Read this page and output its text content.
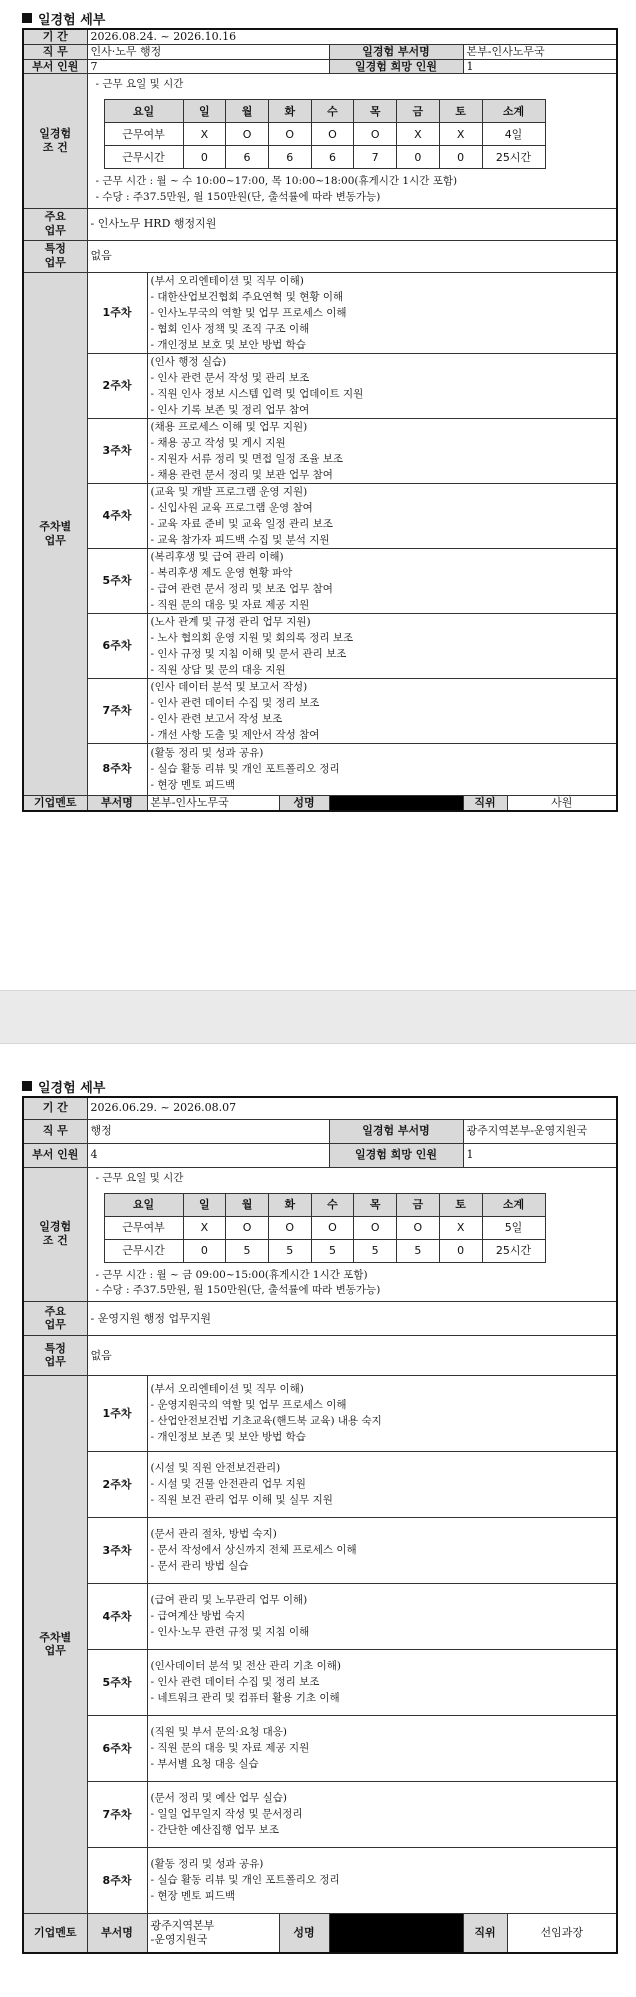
일경험 세부
기 간	2026.08.24. ~ 2026.10.16
직 무	인사·노무 행정	일경험 부서명	본부-인사노무국
부서 인원	7	일경험 희망 인원	1
일경험
조 건	
- 근무 요일 및 시간
요일	일	월	화	수	목	금	토	소계
근무여부	X	O	O	O	O	X	X	4일
근무시간	0	6	6	6	7	0	0	25시간
- 근무 시간 : 월 ~ 수 10:00~17:00, 목 10:00~18:00(휴게시간 1시간 포함)
- 수당 : 주37.5만원, 월 150만원(단, 출석률에 따라 변동가능)

주요
업무	- 인사노무 HRD 행정지원
특정
업무	없음
주차별
업무	1주차	
(부서 오리엔테이션 및 직무 이해)
- 대한산업보건협회 주요연혁 및 현황 이해
- 인사노무국의 역할 및 업무 프로세스 이해
- 협회 인사 정책 및 조직 구조 이해
- 개인정보 보호 및 보안 방법 학습

2주차	
(인사 행정 실습)
- 인사 관련 문서 작성 및 관리 보조
- 직원 인사 정보 시스템 입력 및 업데이트 지원
- 인사 기록 보존 및 정리 업무 참여

3주차	
(채용 프로세스 이해 및 업무 지원)
- 채용 공고 작성 및 게시 지원
- 지원자 서류 정리 및 면접 일정 조율 보조
- 채용 관련 문서 정리 및 보관 업무 참여

4주차	
(교육 및 개발 프로그램 운영 지원)
- 신입사원 교육 프로그램 운영 참여
- 교육 자료 준비 및 교육 일정 관리 보조
- 교육 참가자 피드백 수집 및 분석 지원

5주차	
(복리후생 및 급여 관리 이해)
- 복리후생 제도 운영 현황 파악
- 급여 관련 문서 정리 및 보조 업무 참여
- 직원 문의 대응 및 자료 제공 지원

6주차	
(노사 관계 및 규정 관리 업무 지원)
- 노사 협의회 운영 지원 및 회의록 정리 보조
- 인사 규정 및 지침 이해 및 문서 관리 보조
- 직원 상담 및 문의 대응 지원

7주차	
(인사 데이터 분석 및 보고서 작성)
- 인사 관련 데이터 수집 및 정리 보조
- 인사 관련 보고서 작성 보조
- 개선 사항 도출 및 제안서 작성 참여

8주차	
(활동 정리 및 성과 공유)
- 실습 활동 리뷰 및 개인 포트폴리오 정리
- 현장 멘토 피드백

기업멘토	부서명	본부-인사노무국	성명		직위	사원
일경험 세부
기 간	2026.06.29. ~ 2026.08.07
직 무	행정	일경험 부서명	광주지역본부-운영지원국
부서 인원	4	일경험 희망 인원	1
일경험
조 건	
- 근무 요일 및 시간
요일	일	월	화	수	목	금	토	소계
근무여부	X	O	O	O	O	O	X	5일
근무시간	0	5	5	5	5	5	0	25시간
- 근무 시간 : 월 ~ 금 09:00~15:00(휴게시간 1시간 포함)
- 수당 : 주37.5만원, 월 150만원(단, 출석률에 따라 변동가능)

주요
업무	- 운영지원 행정 업무지원
특정
업무	없음
주차별
업무	1주차	
(부서 오리엔테이션 및 직무 이해)
- 운영지원국의 역할 및 업무 프로세스 이해
- 산업안전보건법 기초교육(핸드북 교육) 내용 숙지
- 개인정보 보존 및 보안 방법 학습

2주차	
(시설 및 직원 안전보건관리)
- 시설 및 건물 안전관리 업무 지원
- 직원 보건 관리 업무 이해 및 실무 지원

3주차	
(문서 관리 절차, 방법 숙지)
- 문서 작성에서 상신까지 전체 프로세스 이해
- 문서 관리 방법 실습

4주차	
(급여 관리 및 노무관리 업무 이해)
- 급여계산 방법 숙지
- 인사·노무 관련 규정 및 지침 이해

5주차	
(인사데이터 분석 및 전산 관리 기초 이해)
- 인사 관련 데이터 수집 및 정리 보조
- 네트워크 관리 및 컴퓨터 활용 기초 이해

6주차	
(직원 및 부서 문의·요청 대응)
- 직원 문의 대응 및 자료 제공 지원
- 부서별 요청 대응 실습

7주차	
(문서 정리 및 예산 업무 실습)
- 일일 업무일지 작성 및 문서정리
- 간단한 예산집행 업무 보조

8주차	
(활동 정리 및 성과 공유)
- 실습 활동 리뷰 및 개인 포트폴리오 정리
- 현장 멘토 피드백

기업멘토	부서명	광주지역본부
-운영지원국	성명		직위	선임과장
